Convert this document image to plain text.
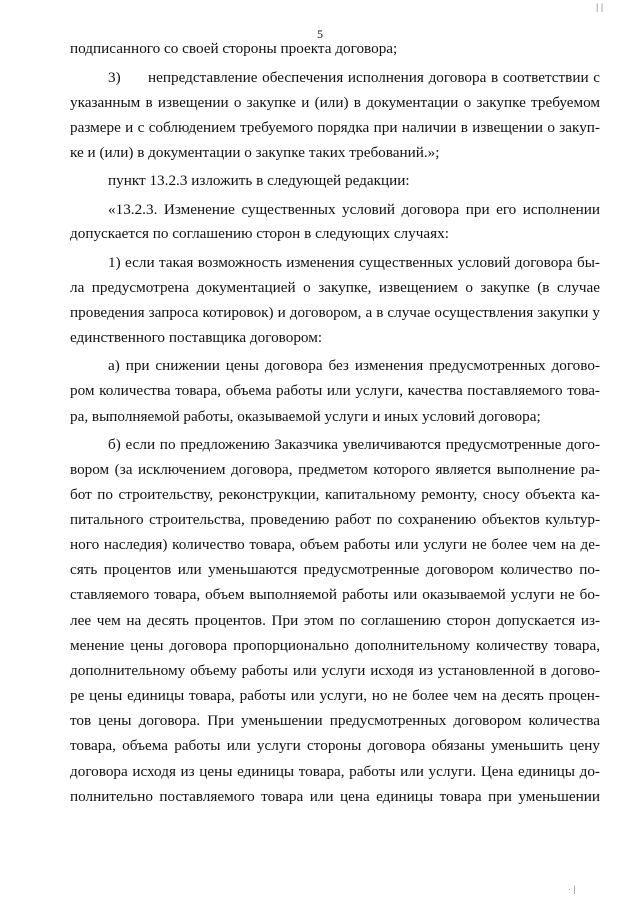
5
| |
подписанного со своей стороны проекта договора;
3) непредставление обеспечения исполнения договора в соответствии с
указанным в извещении о закупке и (или) в документации о закупке требуемом
размере и с соблюдением требуемого порядка при наличии в извещении о закуп-
ке и (или) в документации о закупке таких требований.»;
пункт 13.2.3 изложить в следующей редакции:
«13.2.3. Изменение существенных условий договора при его исполнении
допускается по соглашению сторон в следующих случаях:
1) если такая возможность изменения существенных условий договора бы-
ла предусмотрена документацией о закупке, извещением о закупке (в случае
проведения запроса котировок) и договором, а в случае осуществления закупки у
единственного поставщика договором:
а) при снижении цены договора без изменения предусмотренных догово-
ром количества товара, объема работы или услуги, качества поставляемого това-
ра, выполняемой работы, оказываемой услуги и иных условий договора;
б) если по предложению Заказчика увеличиваются предусмотренные дого-
вором (за исключением договора, предметом которого является выполнение ра-
бот по строительству, реконструкции, капитальному ремонту, сносу объекта ка-
питального строительства, проведению работ по сохранению объектов культур-
ного наследия) количество товара, объем работы или услуги не более чем на де-
сять процентов или уменьшаются предусмотренные договором количество по-
ставляемого товара, объем выполняемой работы или оказываемой услуги не бо-
лее чем на десять процентов. При этом по соглашению сторон допускается из-
менение цены договора пропорционально дополнительному количеству товара,
дополнительному объему работы или услуги исходя из установленной в догово-
ре цены единицы товара, работы или услуги, но не более чем на десять процен-
тов цены договора. При уменьшении предусмотренных договором количества
товара, объема работы или услуги стороны договора обязаны уменьшить цену
договора исходя из цены единицы товара, работы или услуги. Цена единицы до-
полнительно поставляемого товара или цена единицы товара при уменьшении
· |
